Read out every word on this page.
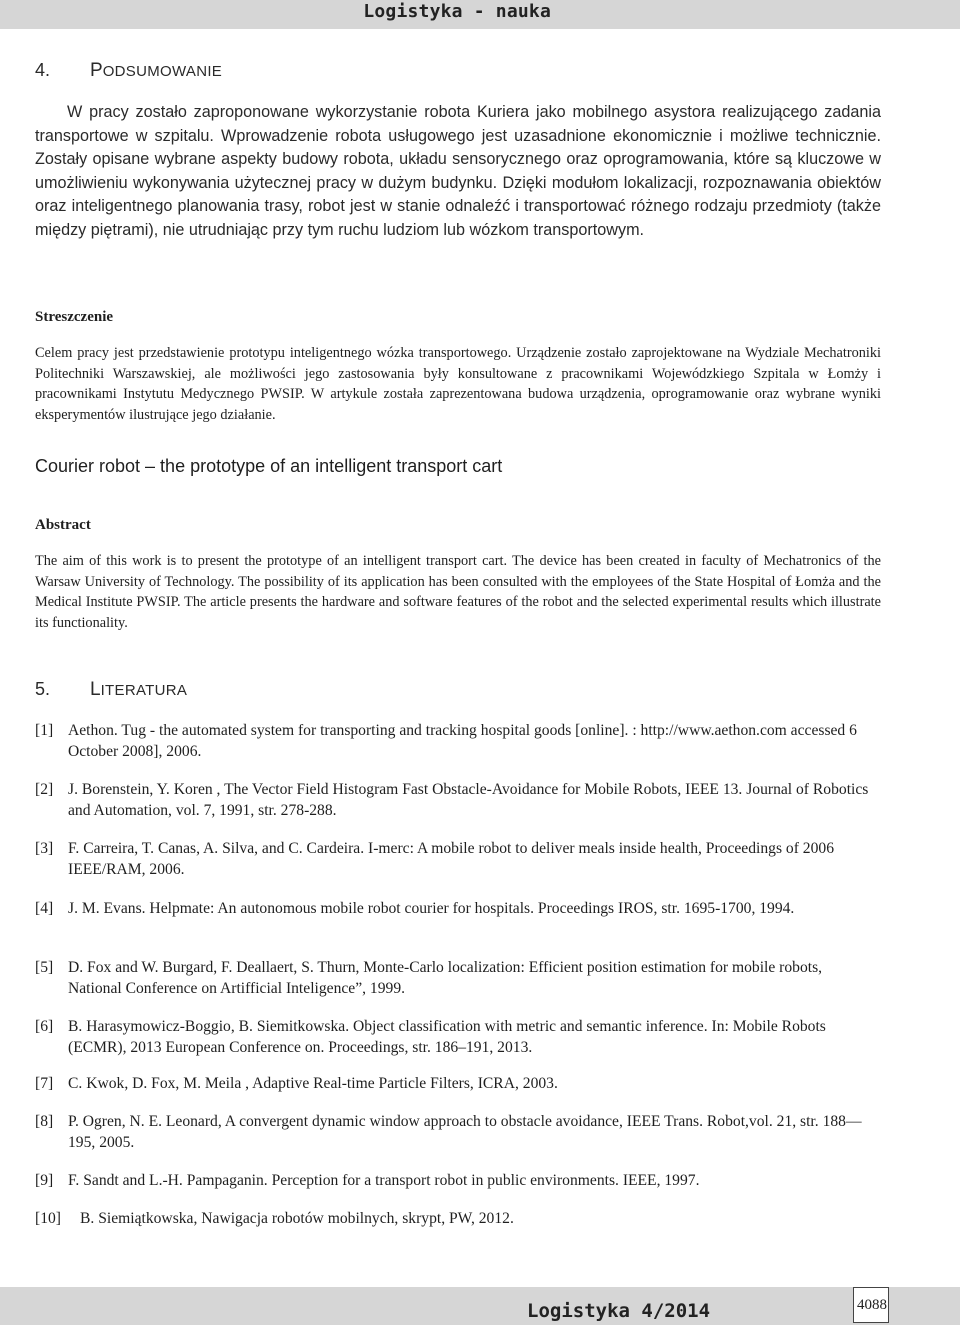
Logistyka - nauka
4. PODSUMOWANIE

W pracy zostało zaproponowane wykorzystanie robota Kuriera jako mobilnego asystora realizującego zadania transportowe w szpitalu. Wprowadzenie robota usługowego jest uzasadnione ekonomicznie i możliwe technicznie. Zostały opisane wybrane aspekty budowy robota, układu sensorycznego oraz oprogramowania, które są kluczowe w umożliwieniu wykonywania użytecznej pracy w dużym budynku. Dzięki modułom lokalizacji, rozpoznawania obiektów oraz inteligentnego planowania trasy, robot jest w stanie odnaleźć i transportować różnego rodzaju przedmioty (także między piętrami), nie utrudniając przy tym ruchu ludziom lub wózkom transportowym.

Streszczenie

Celem pracy jest przedstawienie prototypu inteligentnego wózka transportowego. Urządzenie zostało zaprojektowane na Wydziale Mechatroniki Politechniki Warszawskiej, ale możliwości jego zastosowania były konsultowane z pracownikami Wojewódzkiego Szpitala w Łomży i pracownikami Instytutu Medycznego PWSIP. W artykule została zaprezentowana budowa urządzenia, oprogramowanie oraz wybrane wyniki eksperymentów ilustrujące jego działanie.

Courier robot – the prototype of an intelligent transport cart
Abstract

The aim of this work is to present the prototype of an intelligent transport cart. The device has been created in faculty of Mechatronics of the Warsaw University of Technology. The possibility of its application has been consulted with the employees of the State Hospital of Łomża and the Medical Institute PWSIP. The article presents the hardware and software features of the robot and the selected experimental results which illustrate its functionality.

5. LITERATURA
[1] Aethon. Tug - the automated system for transporting and tracking hospital goods [online]. : http://www.aethon.com accessed 6 October 2008], 2006.
[2] J. Borenstein, Y. Koren , The Vector Field Histogram Fast Obstacle-Avoidance for Mobile Robots, IEEE 13. Journal of Robotics and Automation, vol. 7, 1991, str. 278-288.
[3] F. Carreira, T. Canas, A. Silva, and C. Cardeira. I-merc: A mobile robot to deliver meals inside health, Proceedings of 2006 IEEE/RAM, 2006.
[4] J. M. Evans. Helpmate: An autonomous mobile robot courier for hospitals. Proceedings IROS, str. 1695-1700, 1994.
[5] D. Fox and W. Burgard, F. Deallaert, S. Thurn, Monte-Carlo localization: Efficient position estimation for mobile robots, National Conference on Artifficial Inteligence”, 1999.
[6] B. Harasymowicz-Boggio, B. Siemitkowska. Object classification with metric and semantic inference. In: Mobile Robots (ECMR), 2013 European Conference on. Proceedings, str. 186–191, 2013.
[7] C. Kwok, D. Fox, M. Meila , Adaptive Real-time Particle Filters, ICRA, 2003.
[8] P. Ogren, N. E. Leonard, A convergent dynamic window approach to obstacle avoidance, IEEE Trans. Robot,vol. 21, str. 188—195, 2005.
[9] F. Sandt and L.-H. Pampaganin. Perception for a transport robot in public environments. IEEE, 1997.
[10] B. Siemiątkowska, Nawigacja robotów mobilnych, skrypt, PW, 2012.
Logistyka 4/2014	4088
